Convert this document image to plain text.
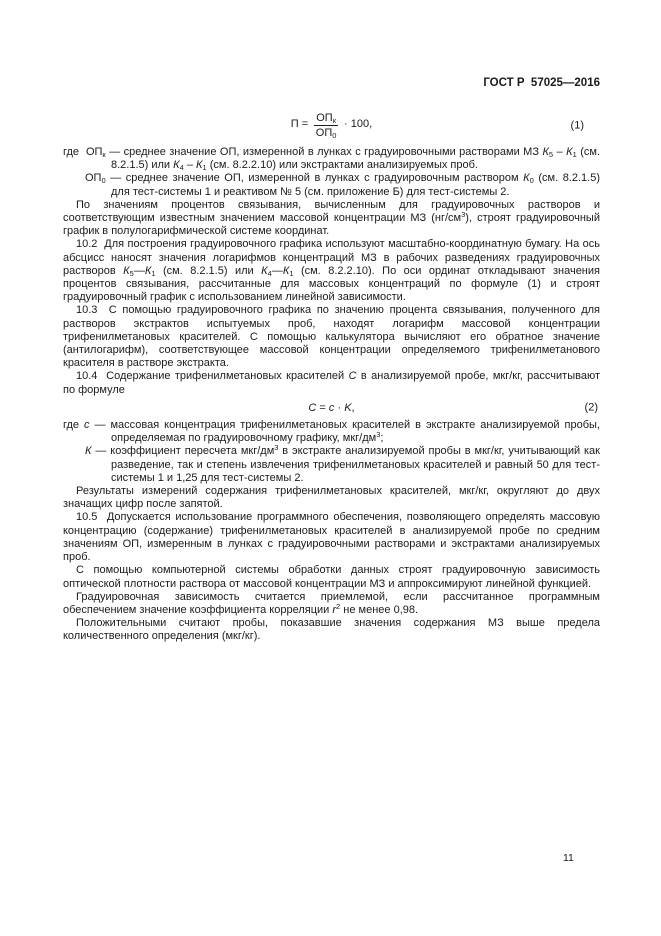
ГОСТ Р  57025—2016

$П = \frac{ОП_к}{ОП_0} \cdot 100$,	(1)

где  $ОП_к$ — среднее значение ОП, измеренной в лунках с градуировочными растворами МЗ $К_5 - К_1$ (см. 8.2.1.5) или $К_4 - К_1$ (см. 8.2.2.10) или экстрактами анализируемых проб.

$ОП_0$ — среднее значение ОП, измеренной в лунках с градуировочным раствором $К_0$ (см. 8.2.1.5) для тест-системы 1 и реактивом № 5 (см. приложение Б) для тест-системы 2.

По значениям процентов связывания, вычисленным для градуировочных растворов и соответствующим известным значением массовой концентрации МЗ $(нг/см^3)$, строят градуировочный график в полулогарифмической системе координат.

10.2  Для построения градуировочного графика используют масштабно-координатную бумагу. На ось абсцисс наносят значения логарифмов концентраций МЗ в рабочих разведениях градуировочных растворов $К_5—К_1$ (см. 8.2.1.5) или $К_4—К_1$ (см. 8.2.2.10). По оси ординат откладывают значения процентов связывания, рассчитанные для массовых концентраций по формуле (1) и строят градуировочный график с использованием линейной зависимости.

10.3  С помощью градуировочного графика по значению процента связывания, полученного для растворов экстрактов испытуемых проб, находят логарифм массовой концентрации трифенилметановых красителей. С помощью калькулятора вычисляют его обратное значение (антилогарифм), соответствующее массовой концентрации определяемого трифенилметанового красителя в растворе экстракта.

10.4  Содержание трифенилметановых красителей С в анализируемой пробе, мкг/кг, рассчитывают по формуле

С = c · K,	(2)

где c — массовая концентрация трифенилметановых красителей в экстракте анализируемой пробы, определяемая по градуировочному графику, мкг/$дм^3$;

К — коэффициент пересчета мкг/$дм^3$ в экстракте анализируемой пробы в мкг/кг, учитывающий как разведение, так и степень извлечения трифенилметановых красителей и равный 50 для тест-системы 1 и 1,25 для тест-системы 2.

Результаты измерений содержания трифенилметановых красителей, мкг/кг, округляют до двух значащих цифр после запятой.

10.5  Допускается использование программного обеспечения, позволяющего определять массовую концентрацию (содержание) трифенилметановых красителей в анализируемой пробе по средним значениям ОП, измеренным в лунках с градуировочными растворами и экстрактами анализируемых проб.

С помощью компьютерной системы обработки данных строят градуировочную зависимость оптической плотности раствора от массовой концентрации МЗ и аппроксимируют линейной функцией.

Градуировочная зависимость считается приемлемой, если рассчитанное программным обеспечением значение коэффициента корреляции $r^2$ не менее 0,98.

Положительными считают пробы, показавшие значения содержания МЗ выше предела количественного определения (мкг/кг).

11
